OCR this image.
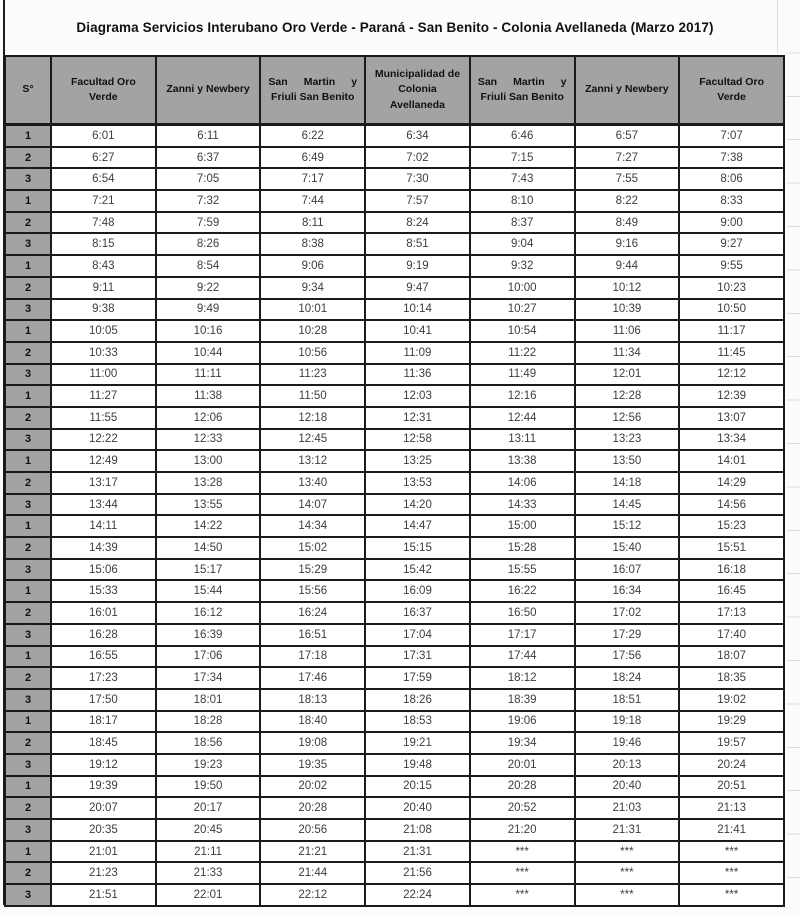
Diagrama Servicios Interubano Oro Verde - Paraná - San Benito - Colonia Avellaneda (Marzo 2017)
S°	Facultad Oro Verde	Zanni y Newbery	San Martin y Friuli San Benito	Municipalidad de Colonia Avellaneda	San Martin y Friuli San Benito	Zanni y Newbery	Facultad Oro Verde
1	6:01	6:11	6:22	6:34	6:46	6:57	7:07
2	6:27	6:37	6:49	7:02	7:15	7:27	7:38
3	6:54	7:05	7:17	7:30	7:43	7:55	8:06
1	7:21	7:32	7:44	7:57	8:10	8:22	8:33
2	7:48	7:59	8:11	8:24	8:37	8:49	9:00
3	8:15	8:26	8:38	8:51	9:04	9:16	9:27
1	8:43	8:54	9:06	9:19	9:32	9:44	9:55
2	9:11	9:22	9:34	9:47	10:00	10:12	10:23
3	9:38	9:49	10:01	10:14	10:27	10:39	10:50
1	10:05	10:16	10:28	10:41	10:54	11:06	11:17
2	10:33	10:44	10:56	11:09	11:22	11:34	11:45
3	11:00	11:11	11:23	11:36	11:49	12:01	12:12
1	11:27	11:38	11:50	12:03	12:16	12:28	12:39
2	11:55	12:06	12:18	12:31	12:44	12:56	13:07
3	12:22	12:33	12:45	12:58	13:11	13:23	13:34
1	12:49	13:00	13:12	13:25	13:38	13:50	14:01
2	13:17	13:28	13:40	13:53	14:06	14:18	14:29
3	13:44	13:55	14:07	14:20	14:33	14:45	14:56
1	14:11	14:22	14:34	14:47	15:00	15:12	15:23
2	14:39	14:50	15:02	15:15	15:28	15:40	15:51
3	15:06	15:17	15:29	15:42	15:55	16:07	16:18
1	15:33	15:44	15:56	16:09	16:22	16:34	16:45
2	16:01	16:12	16:24	16:37	16:50	17:02	17:13
3	16:28	16:39	16:51	17:04	17:17	17:29	17:40
1	16:55	17:06	17:18	17:31	17:44	17:56	18:07
2	17:23	17:34	17:46	17:59	18:12	18:24	18:35
3	17:50	18:01	18:13	18:26	18:39	18:51	19:02
1	18:17	18:28	18:40	18:53	19:06	19:18	19:29
2	18:45	18:56	19:08	19:21	19:34	19:46	19:57
3	19:12	19:23	19:35	19:48	20:01	20:13	20:24
1	19:39	19:50	20:02	20:15	20:28	20:40	20:51
2	20:07	20:17	20:28	20:40	20:52	21:03	21:13
3	20:35	20:45	20:56	21:08	21:20	21:31	21:41
1	21:01	21:11	21:21	21:31	***	***	***
2	21:23	21:33	21:44	21:56	***	***	***
3	21:51	22:01	22:12	22:24	***	***	***
